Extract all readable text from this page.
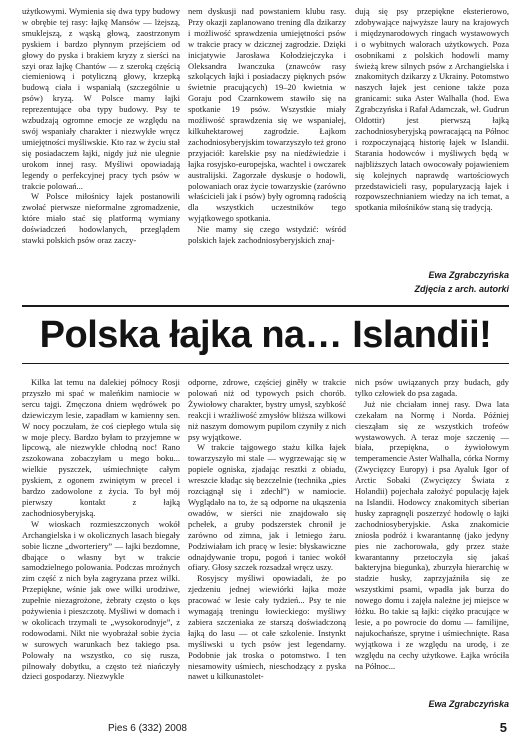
użytkowymi. Wymienia się dwa typy budowy w obrębie tej rasy: łajkę Mansów — lżejszą, smuklejszą, z wąską głową, zaostrzonym pyskiem i bardzo płynnym przejściem od głowy do pyska i brakiem kryzy z sierści na szyi oraz łajkę Chantów — z szeroką częścią ciemieniową i potyliczną głowy, krzepką budową ciała i wspaniałą (szczególnie u psów) kryzą. W Polsce mamy łajki reprezentujące oba typy budowy. Psy te wzbudzają ogromne emocje ze względu na swój wspaniały charakter i niezwykłe wręcz umiejętności myśliwskie. Kto raz w życiu stał się posiadaczem łajki, nigdy już nie ulegnie urokom innej rasy. Myśliwi opowiadają legendy o perfekcyjnej pracy tych psów w trakcie polowań...

W Polsce miłośnicy łajek postanowili zwołać pierwsze nieformalne zgromadzenie, które miało stać się platformą wymiany doświadczeń hodowlanych, przeglądem stawki polskich psów oraz zaczy-

nem dyskusji nad powstaniem klubu rasy. Przy okazji zaplanowano trening dla dzikarzy i możliwość sprawdzenia umiejętności psów w trakcie pracy w dzicznej zagrodzie. Dzięki inicjatywie Jarosława Kołodziejczyka i Oleksandra Iwanczuka (znawców rasy szkolących łajki i posiadaczy pięknych psów świetnie pracujących) 19–20 kwietnia w Goraju pod Czarnkowem stawiło się na spotkanie 19 psów. Wszystkie miały możliwość sprawdzenia się we wspaniałej, kilkuhektarowej zagrodzie. Łajkom zachodniosyberyjskim towarzyszyło też grono przyjaciół: karelskie psy na niedźwiedzie i łajka rosyjsko-europejska, wachtel i owczarek australijski. Zagorzałe dyskusje o hodowli, polowaniach oraz życie towarzyskie (zarówno właścicieli jak i psów) były ogromną radością dla wszystkich uczestników tego wyjątkowego spotkania.

Nie mamy się czego wstydzić: wśród polskich łajek zachodniosyberyjskich znaj-

dują się psy przepiękne eksterierowo, zdobywające najwyższe laury na krajowych i międzynarodowych ringach wystawowych i o wybitnych walorach użytkowych. Poza osobnikami z polskich hodowli mamy świeżą krew silnych psów z Archangielska i znakomitych dzikarzy z Ukrainy. Potomstwo naszych łajek jest cenione także poza granicami: suka Aster Walhalla (hod. Ewa Zgrabczyńska i Rafał Adamczak, wł. Gudrun Oldottir) jest pierwszą łajką zachodniosyberyjską powracającą na Północ i rozpoczynającą historię łajek w Islandii. Starania hodowców i myśliwych będą w najbliższych latach owocowały pojawieniem się kolejnych naprawdę wartościowych przedstawicieli rasy, popularyzacją łajek i rozpowszechnianiem wiedzy na ich temat, a spotkania miłośników staną się tradycją.

Ewa Zgrabczyńska
Zdjęcia z arch. autorki
Polska łajka na… Islandii!

Kilka lat temu na dalekiej północy Rosji przyszło mi spać w maleńkim namiocie w sercu tajgi. Zmęczona dniem wędrówek po dziewiczym lesie, zapadłam w kamienny sen. W nocy poczułam, że coś ciepłego wtula się w moje plecy. Bardzo byłam to przyjemne w lipcową, ale niezwykle chłodną noc! Rano zszokowana zobaczyłam u mego boku... wielkie pyszczek, uśmiechnięte całym pyskiem, z ogonem zwiniętym w precel i bardzo zadowolone z życia. To był mój pierwszy kontakt z łajką zachodniosyberyjską.

W wioskach rozmieszczonych wokół Archangielska i w okolicznych lasach biegały sobie liczne „dworteriery” — łajki bezdomne, dbające o własny byt w trakcie samodzielnego polowania. Podczas mroźnych zim część z nich była zagryzana przez wilki. Przepiękne, wśnie jak owe wilki urodziwe, zupełnie niezagrożone, żebraty często o kęs pożywienia i pieszczotę. Myśliwi w domach i w okolicach trzymali te „wysokorodnyje”, z rodowodami. Nikt nie wyobrażał sobie życia w surowych warunkach bez takiego psa. Polowały na wszystko, co się rusza, pilnowały dobytku, a często też niańczyły dzieci gospodarzy. Niezwykle

odporne, zdrowe, częściej giněły w trakcie polowań niż od typowych psich chorób. Żywiołowy charakter, bystry umysł, szybkość reakcji i wrażliwość zmysłów bliższa wilkowi niż naszym domowym pupilom czyniły z nich psy wyjątkowe.

W trakcie tajgowego stażu kilka łajek towarzyszyło mi stale — wygrzewając się w popiele ogniska, zjadając resztki z obiadu, wreszcie kładąc się bezczelnie (technika „pies rozciągnął się i zdechł”) w namiocie. Wyglądało na to, że są odporne na ukąszenia owadów, w sierści nie znajdowało się pchełek, a gruby podszerstek chronił je zarówno od zimna, jak i letniego żaru. Podziwiałam ich pracę w lesie: błyskawiczne odnajdywanie tropu, pogoń i taniec wokół ofiary. Głosy szczek rozsadzał wręcz uszy.

Rosyjscy myśliwi opowiadali, że po zjedzeniu jednej wiewiórki łajka może pracować w lesie cały tydzień... Psy te nie wymagają treningu łowieckiego: myśliwy zabiera szczeniaka ze starszą doświadczoną łajką do lasu — ot całe szkolenie. Instynkt myśliwski u tych psów jest legendarny. Podobnie jak troska o potomstwo. I ten niesamowity uśmiech, nieschodzący z pyska nawet u kilkunastolet-

nich psów uwiązanych przy budach, gdy tylko człowiek do psa zagada.

Już nie chciałam innej rasy. Dwa lata czekałam na Normę i Norda. Później ciesząłam się ze wszystkich trofeów wystawowych. A teraz moje szczenię — biała, przepiękna, o żywiołowym temperamencie Aster Walhalla, córka Normy (Zwycięzcy Europy) i psa Ayaluk Igor of Arctic Sobaki (Zwycięzcy Świata z Holandii) pojechała założyć populację łajek na Islandii. Hodowcy znakomitych siberian husky zapragnęli poszerzyć hodowlę o łajki zachodniosyberyjskie. Aska znakomicie zniosła podróż i kwarantannę (jako jedyny pies nie zachorowała, gdy przez staże kwarantanny przetoczyła się jakaś bakteryjna biegunka), zburzyła hierarchię w stadzie husky, zaprzyjaźniła się ze wszystkimi psami, wpadła jak burza do nowego domu i zajęła należne jej miejsce w łóżku. Bo takie są łajki: ciężko pracujące w lesie, a po powrocie do domu — familijne, najukochańsze, sprytne i uśmiechnięte. Rasa wyjątkowa i ze względu na urodę, i ze względu na cechy użytkowe. Łajka wróciła na Północ...

Ewa Zgrabczyńska
Pies 6 (332) 2008	5
